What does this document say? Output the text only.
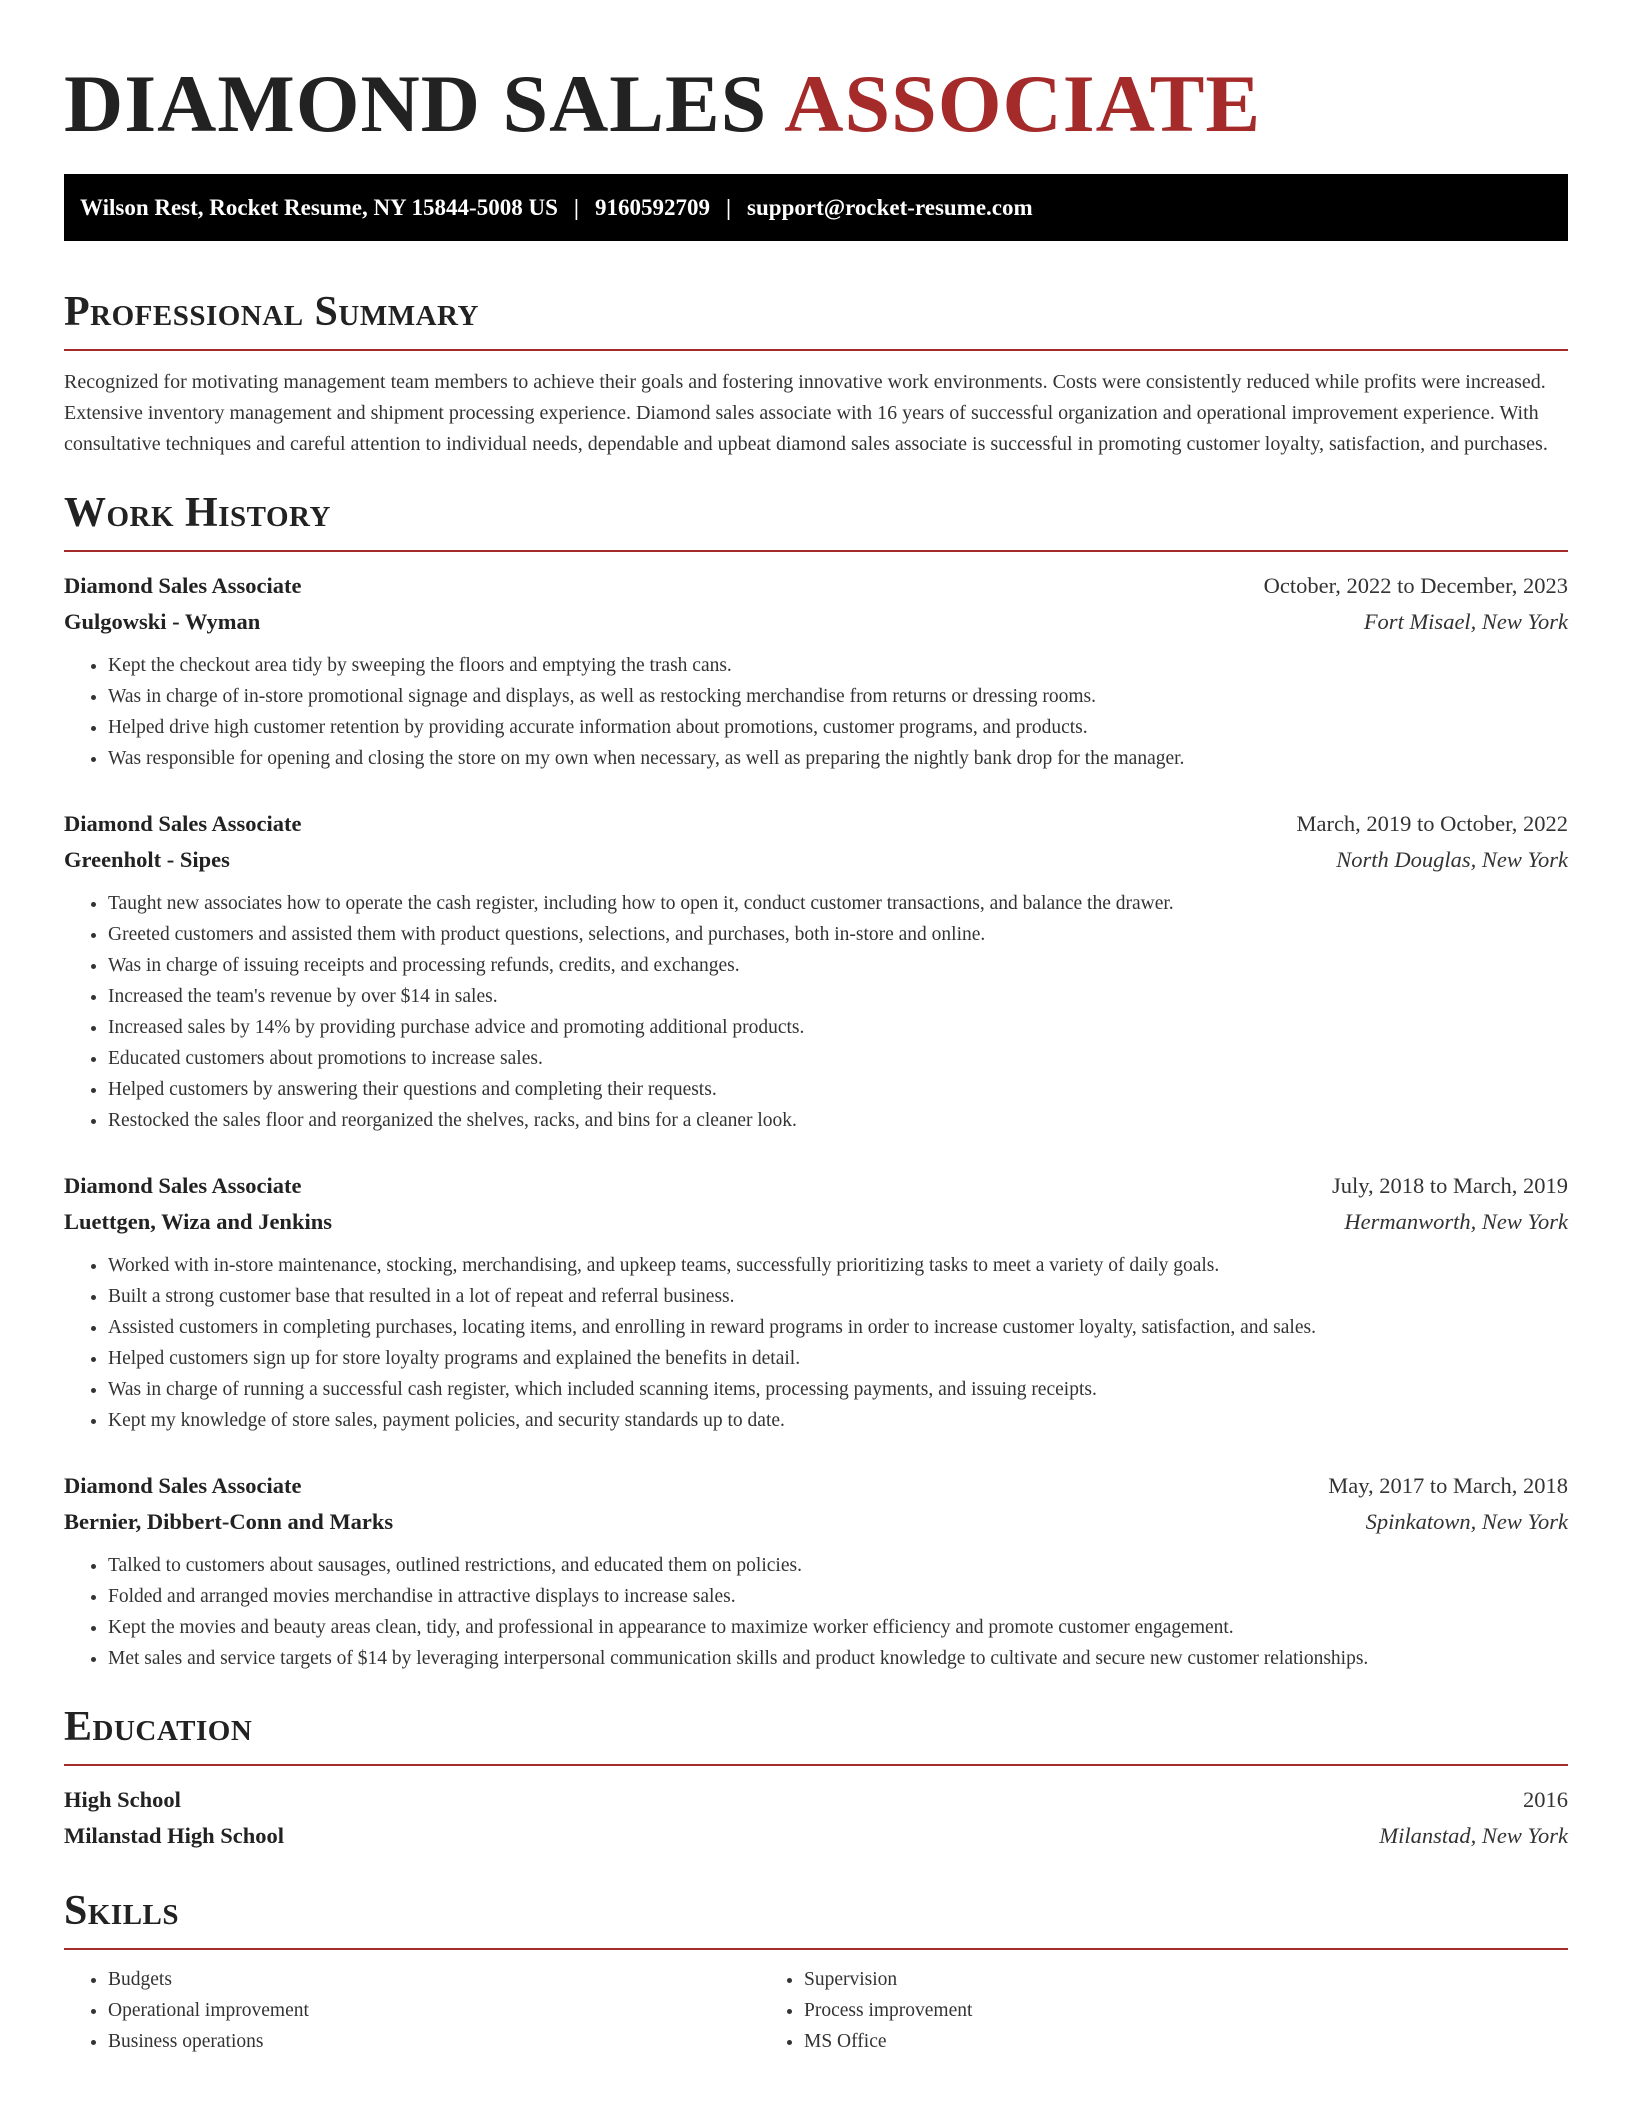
DIAMOND SALES ASSOCIATE
Wilson Rest, Rocket Resume, NY 15844-5008 US | 9160592709 | support@rocket-resume.com
Professional Summary

Recognized for motivating management team members to achieve their goals and fostering innovative work environments. Costs were consistently reduced while profits were increased. Extensive inventory management and shipment processing experience. Diamond sales associate with 16 years of successful organization and operational improvement experience. With consultative techniques and careful attention to individual needs, dependable and upbeat diamond sales associate is successful in promoting customer loyalty, satisfaction, and purchases.

Work History
Diamond Sales Associate	October, 2022 to December, 2023
Gulgowski - Wyman	Fort Misael, New York
• Kept the checkout area tidy by sweeping the floors and emptying the trash cans.
• Was in charge of in-store promotional signage and displays, as well as restocking merchandise from returns or dressing rooms.
• Helped drive high customer retention by providing accurate information about promotions, customer programs, and products.
• Was responsible for opening and closing the store on my own when necessary, as well as preparing the nightly bank drop for the manager.
Diamond Sales Associate	March, 2019 to October, 2022
Greenholt - Sipes	North Douglas, New York
• Taught new associates how to operate the cash register, including how to open it, conduct customer transactions, and balance the drawer.
• Greeted customers and assisted them with product questions, selections, and purchases, both in-store and online.
• Was in charge of issuing receipts and processing refunds, credits, and exchanges.
• Increased the team's revenue by over $14 in sales.
• Increased sales by 14% by providing purchase advice and promoting additional products.
• Educated customers about promotions to increase sales.
• Helped customers by answering their questions and completing their requests.
• Restocked the sales floor and reorganized the shelves, racks, and bins for a cleaner look.
Diamond Sales Associate	July, 2018 to March, 2019
Luettgen, Wiza and Jenkins	Hermanworth, New York
• Worked with in-store maintenance, stocking, merchandising, and upkeep teams, successfully prioritizing tasks to meet a variety of daily goals.
• Built a strong customer base that resulted in a lot of repeat and referral business.
• Assisted customers in completing purchases, locating items, and enrolling in reward programs in order to increase customer loyalty, satisfaction, and sales.
• Helped customers sign up for store loyalty programs and explained the benefits in detail.
• Was in charge of running a successful cash register, which included scanning items, processing payments, and issuing receipts.
• Kept my knowledge of store sales, payment policies, and security standards up to date.
Diamond Sales Associate	May, 2017 to March, 2018
Bernier, Dibbert-Conn and Marks	Spinkatown, New York
• Talked to customers about sausages, outlined restrictions, and educated them on policies.
• Folded and arranged movies merchandise in attractive displays to increase sales.
• Kept the movies and beauty areas clean, tidy, and professional in appearance to maximize worker efficiency and promote customer engagement.
• Met sales and service targets of $14 by leveraging interpersonal communication skills and product knowledge to cultivate and secure new customer relationships.
Education
High School	2016
Milanstad High School	Milanstad, New York
Skills
• Budgets
• Operational improvement
• Business operations
• Supervision
• Process improvement
• MS Office
